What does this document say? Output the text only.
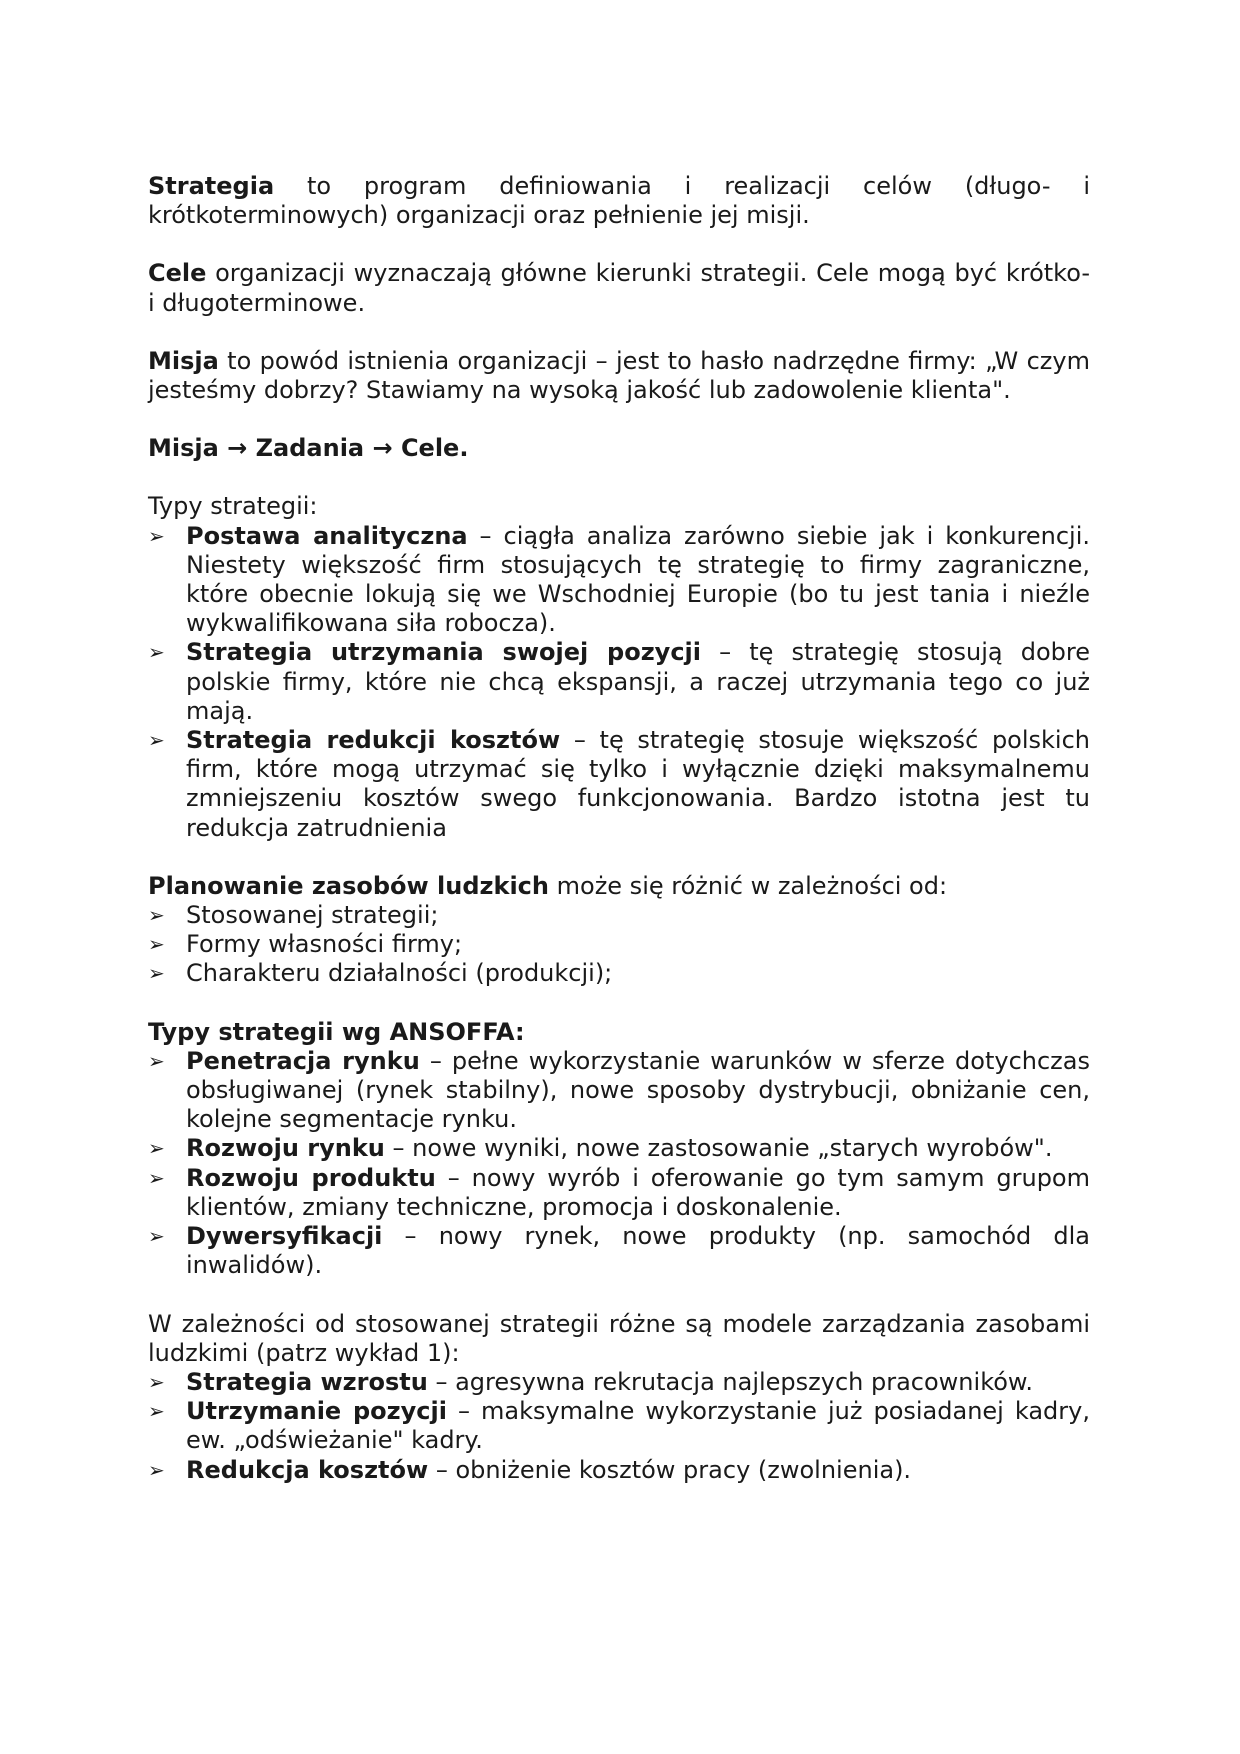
Strategia to program definiowania i realizacji celów (długo- i krótkoterminowych) organizacji oraz pełnienie jej misji.

Cele organizacji wyznaczają główne kierunki strategii. Cele mogą być krótko- i długoterminowe.

Misja to powód istnienia organizacji – jest to hasło nadrzędne firmy: „W czym jesteśmy dobrzy? Stawiamy na wysoką jakość lub zadowolenie klienta".

Misja → Zadania → Cele.

Typy strategii:

➢ Postawa analityczna – ciągła analiza zarówno siebie jak i konkurencji. Niestety większość firm stosujących tę strategię to firmy zagraniczne, które obecnie lokują się we Wschodniej Europie (bo tu jest tania i nieźle wykwalifikowana siła robocza).
➢ Strategia utrzymania swojej pozycji – tę strategię stosują dobre polskie firmy, które nie chcą ekspansji, a raczej utrzymania tego co już mają.
➢ Strategia redukcji kosztów – tę strategię stosuje większość polskich firm, które mogą utrzymać się tylko i wyłącznie dzięki maksymalnemu zmniejszeniu kosztów swego funkcjonowania. Bardzo istotna jest tu redukcja zatrudnienia

Planowanie zasobów ludzkich może się różnić w zależności od:

➢ Stosowanej strategii;
➢ Formy własności firmy;
➢ Charakteru działalności (produkcji);

Typy strategii wg ANSOFFA:

➢ Penetracja rynku – pełne wykorzystanie warunków w sferze dotychczas obsługiwanej (rynek stabilny), nowe sposoby dystrybucji, obniżanie cen, kolejne segmentacje rynku.
➢ Rozwoju rynku – nowe wyniki, nowe zastosowanie „starych wyrobów".
➢ Rozwoju produktu – nowy wyrób i oferowanie go tym samym grupom klientów, zmiany techniczne, promocja i doskonalenie.
➢ Dywersyfikacji – nowy rynek, nowe produkty (np. samochód dla inwalidów).

W zależności od stosowanej strategii różne są modele zarządzania zasobami ludzkimi (patrz wykład 1):

➢ Strategia wzrostu – agresywna rekrutacja najlepszych pracowników.
➢ Utrzymanie pozycji – maksymalne wykorzystanie już posiadanej kadry, ew. „odświeżanie" kadry.
➢ Redukcja kosztów – obniżenie kosztów pracy (zwolnienia).
